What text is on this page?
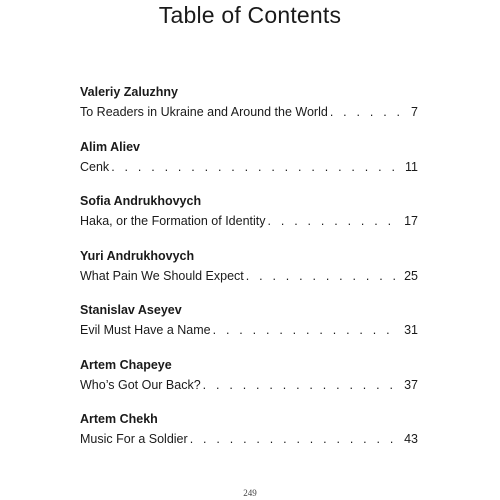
Table of Contents
Valeriy Zaluzhny
To Readers in Ukraine and Around the World . . .	7
Alim Aliev
Cenk . . .	11
Sofia Andrukhovych
Haka, or the Formation of Identity . . .	17
Yuri Andrukhovych
What Pain We Should Expect . . .	25
Stanislav Aseyev
Evil Must Have a Name . . .	31
Artem Chapeye
Who’s Got Our Back? . . .	37
Artem Chekh
Music For a Soldier . . .	43
249
